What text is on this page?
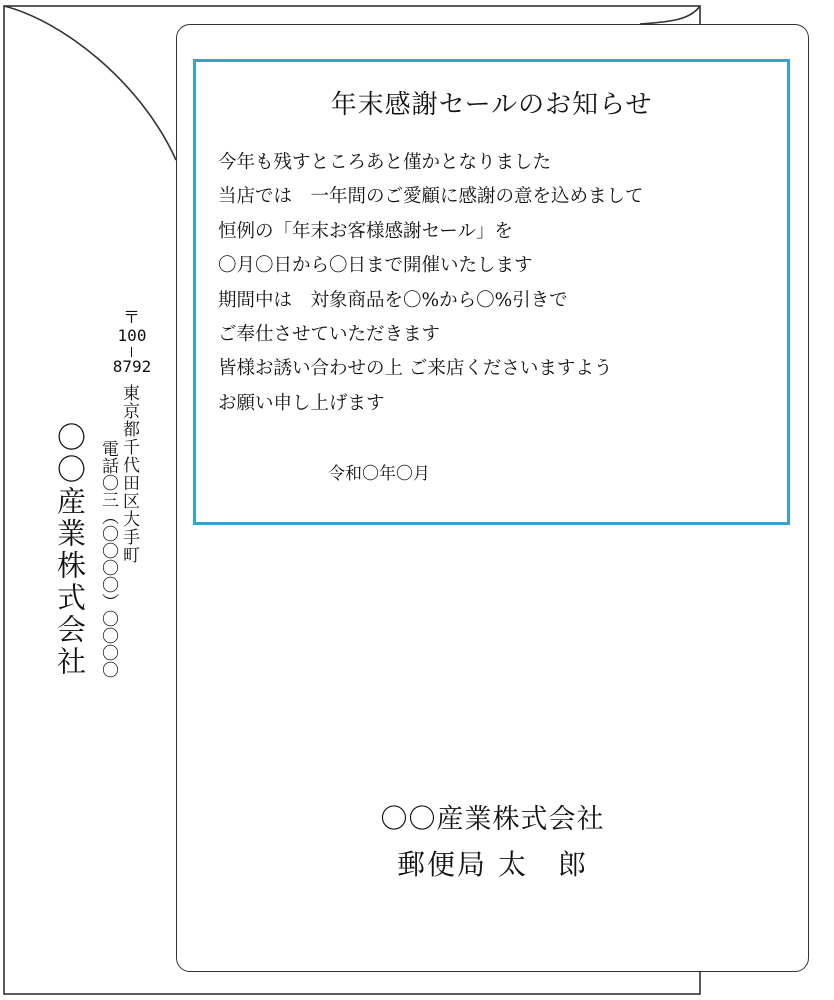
〒
100
8792
東京都千代田区大手町
電話〇三（〇〇〇〇）〇〇〇〇
〇〇産業株式会社
年末感謝セールのお知らせ
今年も残すところあと僅かとなりました
当店では　一年間のご愛顧に感謝の意を込めまして
恒例の「年末お客様感謝セール」を
〇月〇日から〇日まで開催いたします
期間中は　対象商品を〇%から〇%引きで
ご奉仕させていただきます
皆様お誘い合わせの上 ご来店くださいますよう
お願い申し上げます
令和〇年〇月
〇〇産業株式会社
郵便局 太　郎
